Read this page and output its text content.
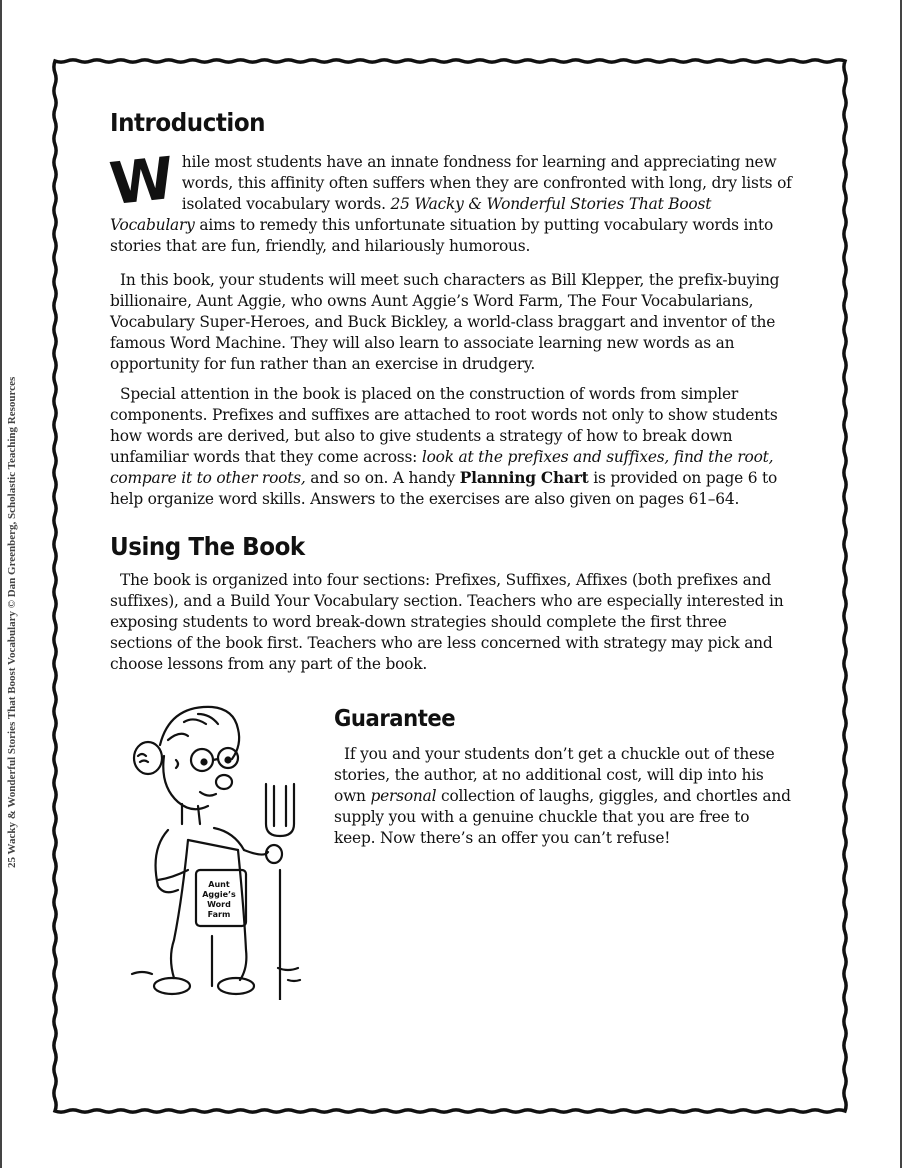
25 Wacky & Wonderful Stories That Boost Vocabulary © Dan Greenberg, Scholastic Teaching Resources
Introduction

While most students have an innate fondness for learning and appreciating new words, this affinity often suffers when they are confronted with long, dry lists of isolated vocabulary words. 25 Wacky & Wonderful Stories That Boost Vocabulary aims to remedy this unfortunate situation by putting vocabulary words into stories that are fun, friendly, and hilariously humorous.

In this book, your students will meet such characters as Bill Klepper, the prefix-buying billionaire, Aunt Aggie, who owns Aunt Aggie’s Word Farm, The Four Vocabularians, Vocabulary Super-Heroes, and Buck Bickley, a world-class braggart and inventor of the famous Word Machine. They will also learn to associate learning new words as an opportunity for fun rather than an exercise in drudgery.

Special attention in the book is placed on the construction of words from simpler components. Prefixes and suffixes are attached to root words not only to show students how words are derived, but also to give students a strategy of how to break down unfamiliar words that they come across: look at the prefixes and suffixes, find the root, compare it to other roots, and so on. A handy Planning Chart is provided on page 6 to help organize word skills. Answers to the exercises are also given on pages 61–64.

Using The Book

The book is organized into four sections: Prefixes, Suffixes, Affixes (both prefixes and suffixes), and a Build Your Vocabulary section. Teachers who are especially interested in exposing students to word break-down strategies should complete the first three sections of the book first. Teachers who are less concerned with strategy may pick and choose lessons from any part of the book.

Guarantee

If you and your students don’t get a chuckle out of these stories, the author, at no additional cost, will dip into his own personal collection of laughs, giggles, and chortles and supply you with a genuine chuckle that you are free to keep. Now there’s an offer you can’t refuse!

Aunt
Aggie’s
Word
Farm
